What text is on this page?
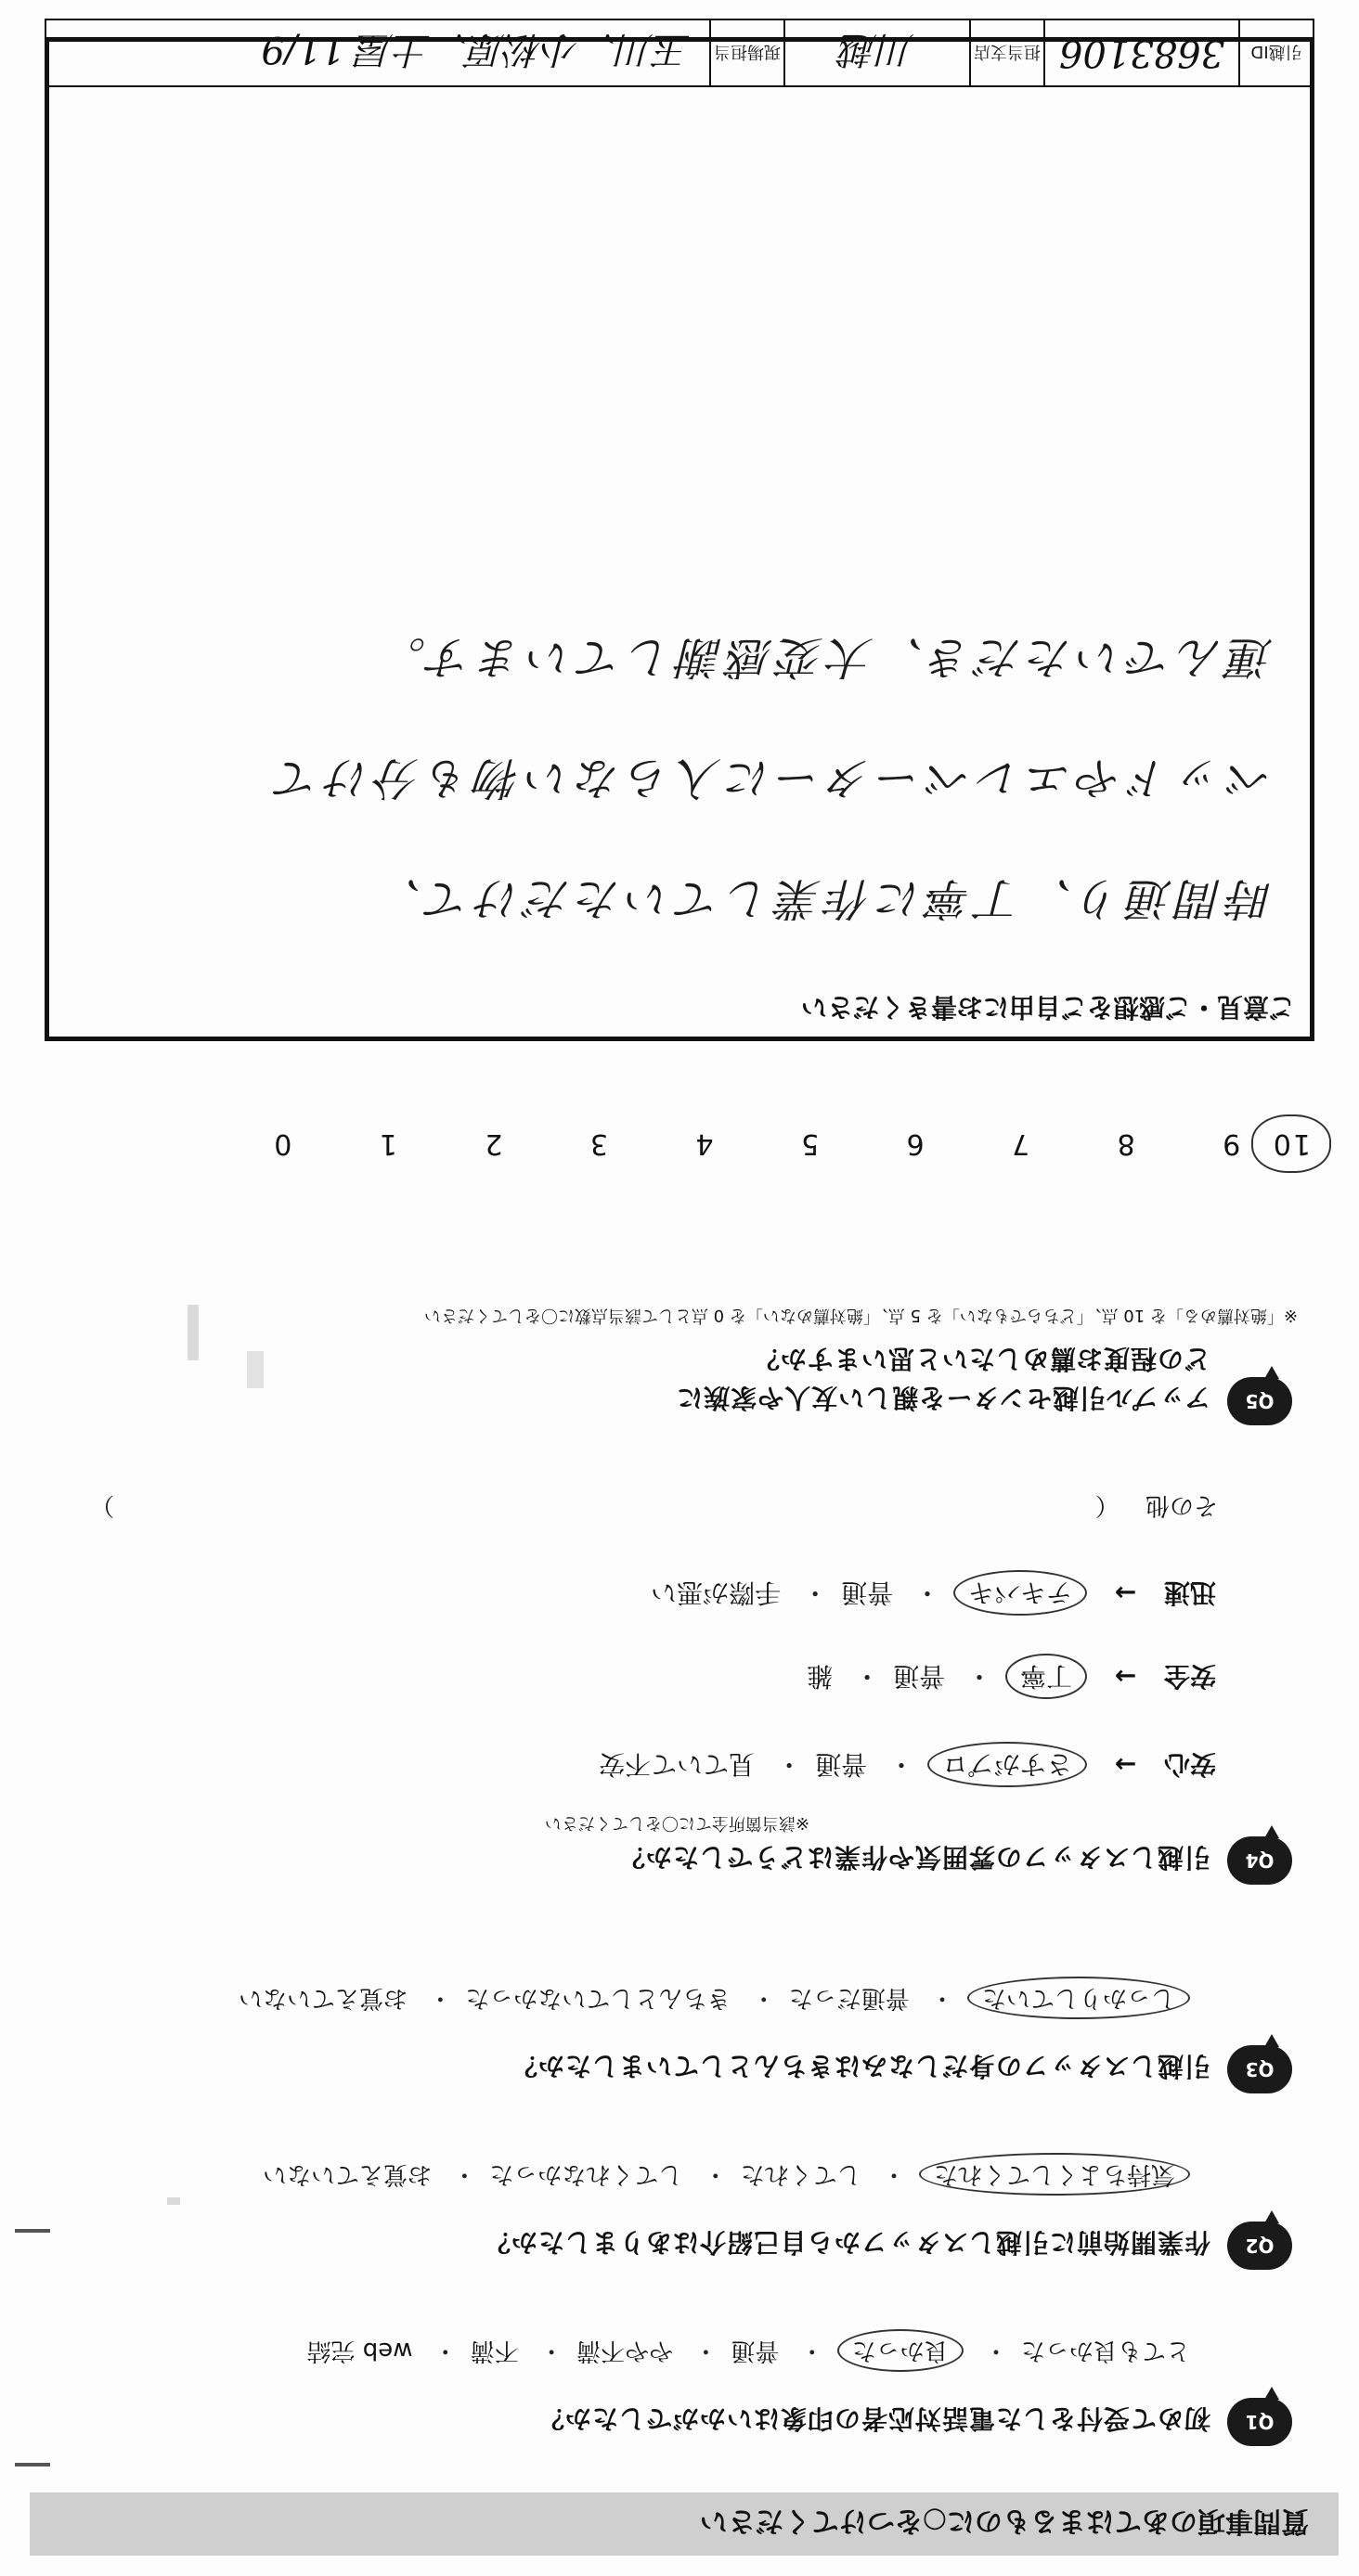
質問事項のあてはまるものに○をつけてください
Q1
初めて受付をした電話対応者の印象はいかがでしたか？
とても良かった・ 良かった・ 普通・ やや不満・ 不満・ web 完結
Q2
作業開始前に引越しスタッフから自己紹介はありましたか？
気持ちよくしてくれた・ してくれた・ してくれなかった・ お覚えていない
Q3
引越しスタッフの身だしなみはきちんとしていましたか？
しっかりしていた・ 普通だった・ きちんとしていなかった・ お覚えていない
Q4
引越しスタッフの雰囲気や作業はどうでしたか？
※該当箇所全てに〇をしてください
安心 → さすがプロ・ 普通・ 見ていて不安
安全 → 丁寧・ 普通・ 雑
迅速 → テキパキ・ 普通・ 手際が悪い
その他 （  ）
Q5
アップル引越センターを親しい友人や家族に
どの程度お薦めしたいと思いますか？
※「絶対薦める」を 10 点、「どちらでもない」を 5 点、「絶対薦めない」を 0 点として該当点数に〇をしてください
10 9 8 7 6 5 4 3 2 1 0
ご意見・ご感想をご自由にお書きください
時間通り、丁寧に作業していただけて、
ベッドやエレベーターに入らない物も分けて
運んでいただき、大変感謝しています。
引越ID
3683106
担当支店
川越
現場担当
玉川、小松原、土屋 11/9
